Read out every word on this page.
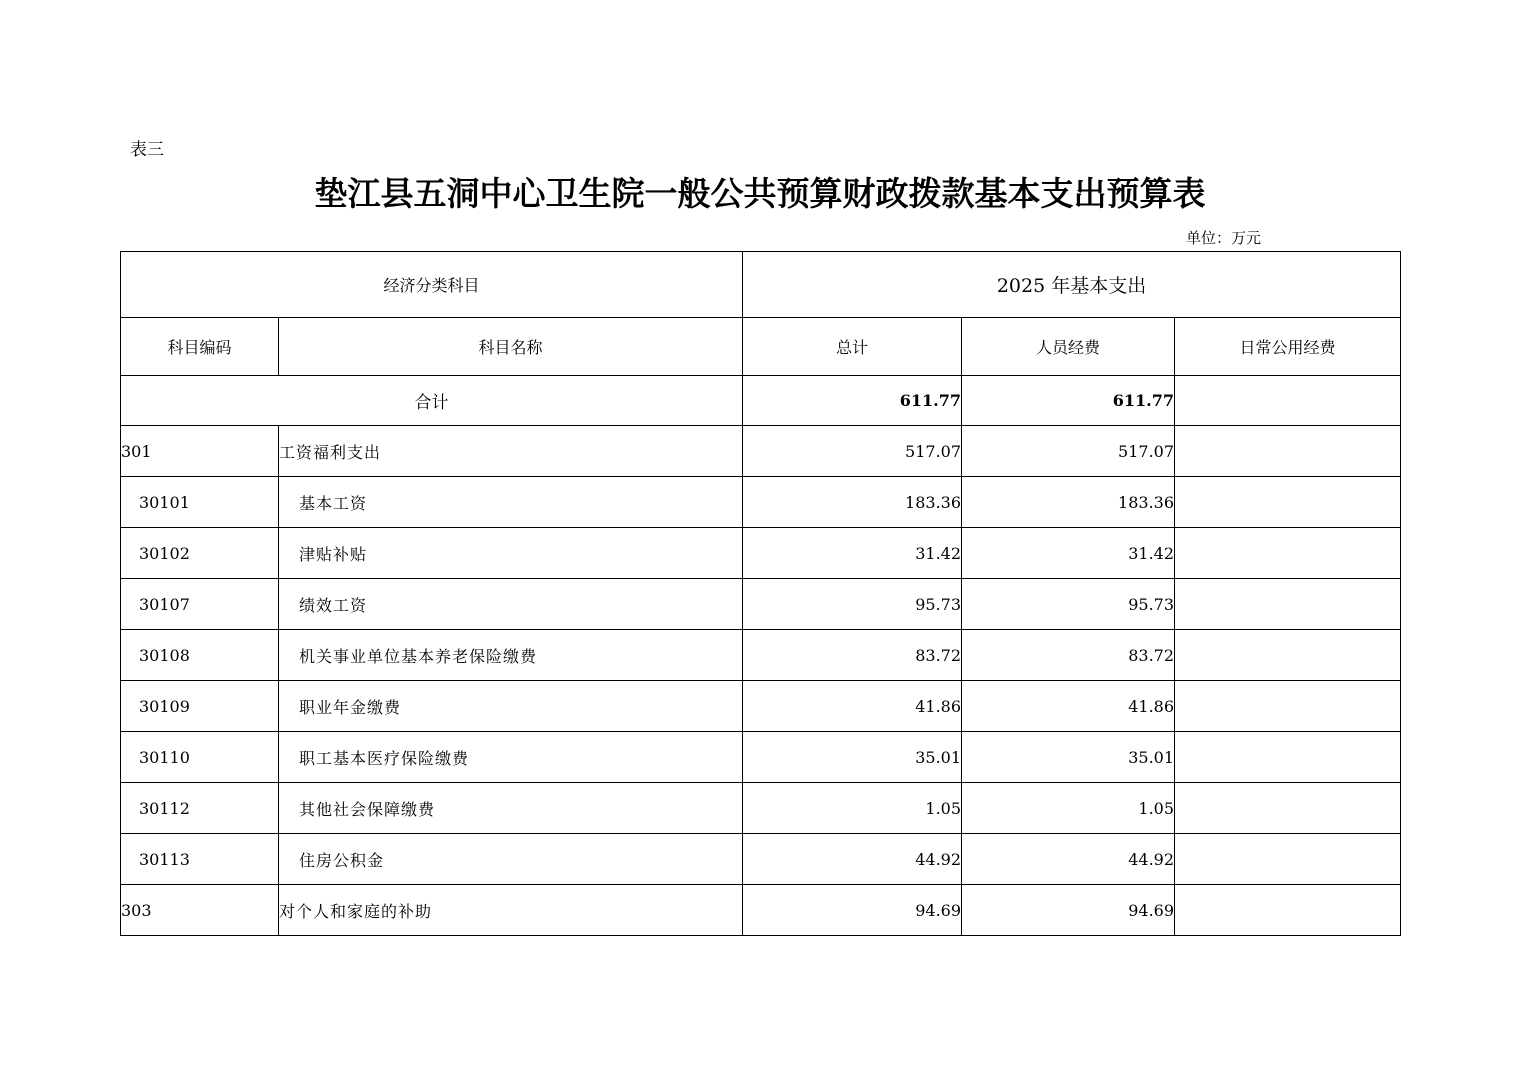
表三
垫江县五洞中心卫生院一般公共预算财政拨款基本支出预算表
单位：万元
经济分类科目		2025 年基本支出		
科目编码	科目名称	总计	人员经费	日常公用经费
合计		611.77	611.77	
301	工资福利支出	517.07	517.07	
30101	基本工资	183.36	183.36	
30102	津贴补贴	31.42	31.42	
30107	绩效工资	95.73	95.73	
30108	机关事业单位基本养老保险缴费	83.72	83.72	
30109	职业年金缴费	41.86	41.86	
30110	职工基本医疗保险缴费	35.01	35.01	
30112	其他社会保障缴费	1.05	1.05	
30113	住房公积金	44.92	44.92	
303	对个人和家庭的补助	94.69	94.69	
